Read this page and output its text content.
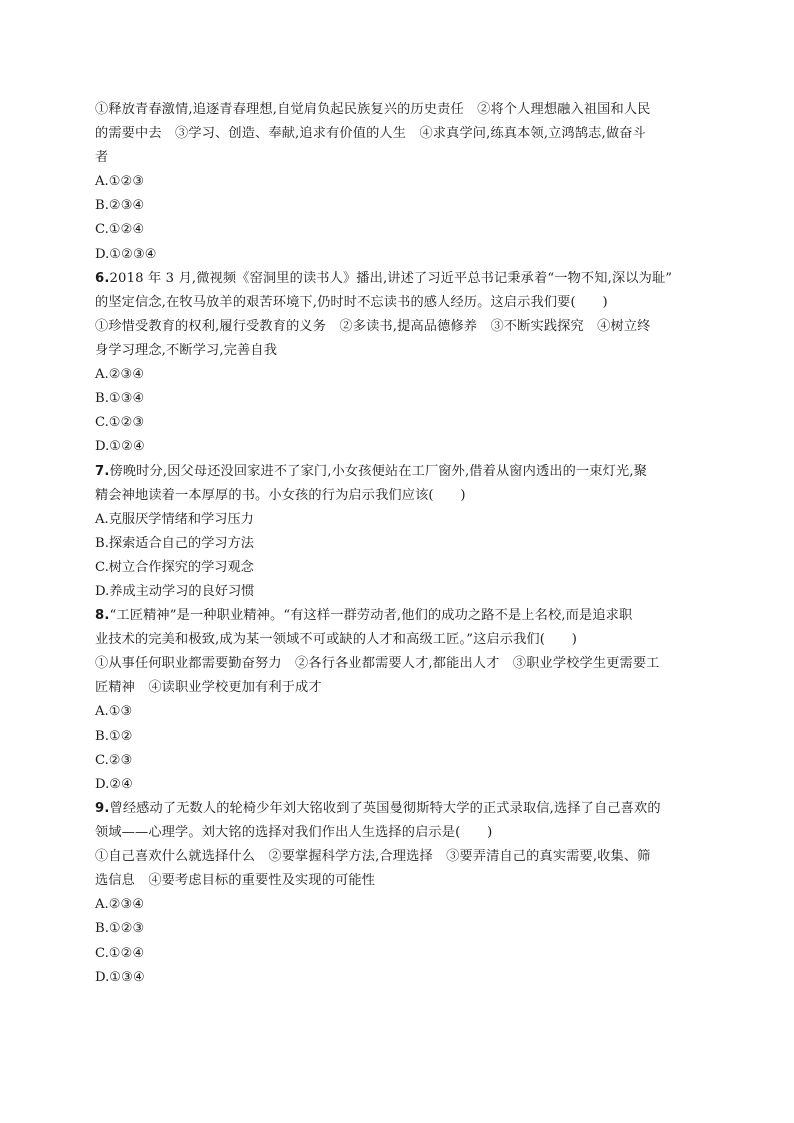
①释放青春激情,追逐青春理想,自觉肩负起民族复兴的历史责任　②将个人理想融入祖国和人民
的需要中去　③学习、创造、奉献,追求有价值的人生　④求真学问,练真本领,立鸿鹄志,做奋斗
者
A.①②③
B.②③④
C.①②④
D.①②③④
6.2018 年 3 月,微视频《窑洞里的读书人》播出,讲述了习近平总书记秉承着“一物不知,深以为耻”
的坚定信念,在牧马放羊的艰苦环境下,仍时时不忘读书的感人经历。这启示我们要(　　)
①珍惜受教育的权利,履行受教育的义务　②多读书,提高品德修养　③不断实践探究　④树立终
身学习理念,不断学习,完善自我
A.②③④
B.①③④
C.①②③
D.①②④
7.傍晚时分,因父母还没回家进不了家门,小女孩便站在工厂窗外,借着从窗内透出的一束灯光,聚
精会神地读着一本厚厚的书。小女孩的行为启示我们应该(　　)
A.克服厌学情绪和学习压力
B.探索适合自己的学习方法
C.树立合作探究的学习观念
D.养成主动学习的良好习惯
8.“工匠精神”是一种职业精神。“有这样一群劳动者,他们的成功之路不是上名校,而是追求职
业技术的完美和极致,成为某一领域不可或缺的人才和高级工匠。”这启示我们(　　)
①从事任何职业都需要勤奋努力　②各行各业都需要人才,都能出人才　③职业学校学生更需要工
匠精神　④读职业学校更加有利于成才
A.①③
B.①②
C.②③
D.②④
9.曾经感动了无数人的轮椅少年刘大铭收到了英国曼彻斯特大学的正式录取信,选择了自己喜欢的
领域——心理学。刘大铭的选择对我们作出人生选择的启示是(　　)
①自己喜欢什么就选择什么　②要掌握科学方法,合理选择　③要弄清自己的真实需要,收集、筛
选信息　④要考虑目标的重要性及实现的可能性
A.②③④
B.①②③
C.①②④
D.①③④
